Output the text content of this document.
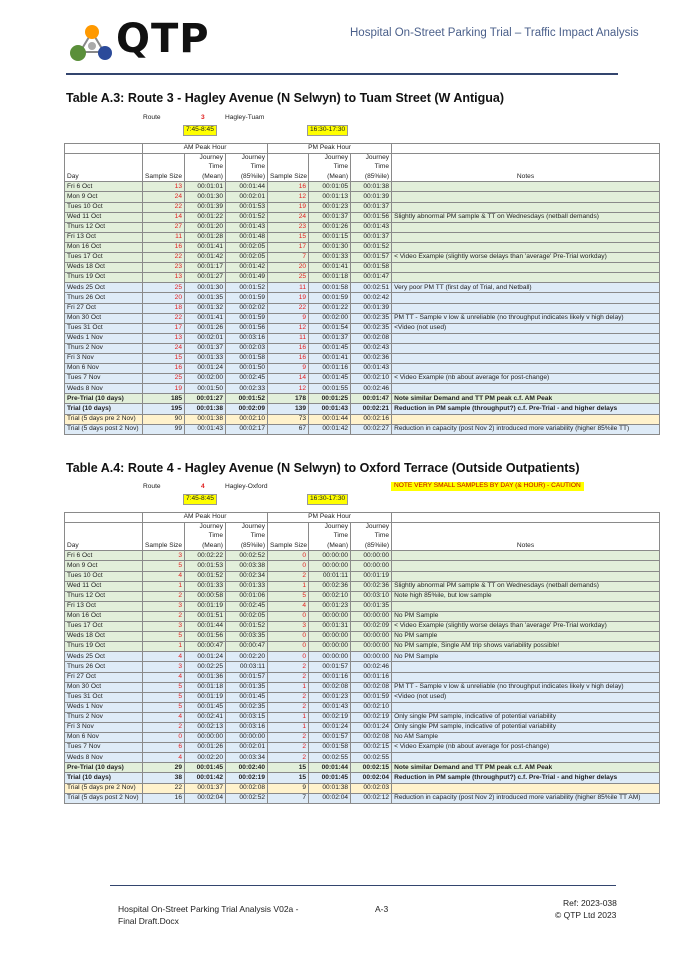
QTP	Hospital On-Street Parking Trial – Traffic Impact Analysis
Table A.3: Route 3 - Hagley Avenue (N Selwyn) to Tuam Street (W Antigua)
Route	3	Hagley-Tuam
7:45-8:45	16:30-17:30
	AM Peak Hour			PM Peak Hour			
		Journey	Journey		Journey	Journey	
		Time	Time		Time	Time	
Day	Sample Size	(Mean)	(85%ile)	Sample Size	(Mean)	(85%ile)	Notes
Fri 6 Oct	13	00:01:01	00:01:44	16	00:01:05	00:01:38	
Mon 9 Oct	24	00:01:30	00:02:01	12	00:01:13	00:01:39	
Tues 10 Oct	22	00:01:39	00:01:53	19	00:01:23	00:01:37	
Wed 11 Oct	14	00:01:22	00:01:52	24	00:01:37	00:01:56	Slightly abnormal PM sample & TT on Wednesdays (netball demands)
Thurs 12 Oct	27	00:01:20	00:01:43	23	00:01:26	00:01:43	
Fri 13 Oct	11	00:01:28	00:01:48	15	00:01:15	00:01:37	
Mon 16 Oct	16	00:01:41	00:02:05	17	00:01:30	00:01:52	
Tues 17 Oct	22	00:01:42	00:02:05	7	00:01:33	00:01:57	< Video Example (slightly worse delays than 'average' Pre-Trial workday)
Weds 18 Oct	23	00:01:17	00:01:42	20	00:01:41	00:01:58	
Thurs 19 Oct	13	00:01:27	00:01:49	25	00:01:18	00:01:47	
Weds 25 Oct	25	00:01:30	00:01:52	11	00:01:58	00:02:51	Very poor PM TT (first day of Trial, and Netball)
Thurs 26 Oct	20	00:01:35	00:01:59	19	00:01:59	00:02:42	
Fri 27 Oct	18	00:01:32	00:02:02	22	00:01:22	00:01:39	
Mon 30 Oct	22	00:01:41	00:01:59	9	00:02:00	00:02:35	PM TT - Sample v low & unreliable (no throughput indicates likely v high delay)
Tues 31 Oct	17	00:01:26	00:01:56	12	00:01:54	00:02:35	<Video (not used)
Weds 1 Nov	13	00:02:01	00:03:16	11	00:01:37	00:02:08	
Thurs 2 Nov	24	00:01:37	00:02:03	16	00:01:45	00:02:43	
Fri 3 Nov	15	00:01:33	00:01:58	16	00:01:41	00:02:36	
Mon 6 Nov	16	00:01:24	00:01:50	9	00:01:16	00:01:43	
Tues 7 Nov	25	00:02:00	00:02:45	14	00:01:45	00:02:10	< Video Example (nb about average for post-change)
Weds 8 Nov	19	00:01:50	00:02:33	12	00:01:55	00:02:46	
Pre-Trial (10 days)	185	00:01:27	00:01:52	178	00:01:25	00:01:47	Note similar Demand and TT PM peak c.f. AM Peak
Trial (10 days)	195	00:01:38	00:02:09	139	00:01:43	00:02:21	Reduction in PM sample (throughput?) c.f. Pre-Trial - and higher delays
Trial (5 days pre 2 Nov)	90	00:01:38	00:02:10	73	00:01:44	00:02:16	
Trial (5 days post 2 Nov)	99	00:01:43	00:02:17	67	00:01:42	00:02:27	Reduction in capacity (post Nov 2) introduced more variability (higher 85%ile TT)
Table A.4: Route 4 - Hagley Avenue (N Selwyn) to Oxford Terrace (Outside Outpatients)
Route	4	Hagley-Oxford
7:45-8:45	16:30-17:30
NOTE VERY SMALL SAMPLES BY DAY (& HOUR) - CAUTION
	AM Peak Hour			PM Peak Hour			
		Journey	Journey		Journey	Journey	
		Time	Time		Time	Time	
Day	Sample Size	(Mean)	(85%ile)	Sample Size	(Mean)	(85%ile)	Notes
Fri 6 Oct	3	00:02:22	00:02:52	0	00:00:00	00:00:00	
Mon 9 Oct	5	00:01:53	00:03:38	0	00:00:00	00:00:00	
Tues 10 Oct	4	00:01:52	00:02:34	2	00:01:11	00:01:19	
Wed 11 Oct	1	00:01:33	00:01:33	1	00:02:36	00:02:36	Slightly abnormal PM sample & TT on Wednesdays (netball demands)
Thurs 12 Oct	2	00:00:58	00:01:06	5	00:02:10	00:03:10	Note high 85%ile, but low sample
Fri 13 Oct	3	00:01:19	00:02:45	4	00:01:23	00:01:35	
Mon 16 Oct	2	00:01:51	00:02:05	0	00:00:00	00:00:00	No PM Sample
Tues 17 Oct	3	00:01:44	00:01:52	3	00:01:31	00:02:09	< Video Example (slightly worse delays than 'average' Pre-Trial workday)
Weds 18 Oct	5	00:01:56	00:03:35	0	00:00:00	00:00:00	No PM sample
Thurs 19 Oct	1	00:00:47	00:00:47	0	00:00:00	00:00:00	No PM sample, Single AM trip shows variability possible!
Weds 25 Oct	4	00:01:24	00:02:20	0	00:00:00	00:00:00	No PM Sample
Thurs 26 Oct	3	00:02:25	00:03:11	2	00:01:57	00:02:46	
Fri 27 Oct	4	00:01:36	00:01:57	2	00:01:16	00:01:16	
Mon 30 Oct	5	00:01:18	00:01:35	1	00:02:08	00:02:08	PM TT - Sample v low & unreliable (no throughput indicates likely v high delay)
Tues 31 Oct	5	00:01:19	00:01:45	2	00:01:23	00:01:59	<Video (not used)
Weds 1 Nov	5	00:01:45	00:02:35	2	00:01:43	00:02:10	
Thurs 2 Nov	4	00:02:41	00:03:15	1	00:02:19	00:02:19	Only single PM sample, indicative of potential variability
Fri 3 Nov	2	00:02:13	00:03:16	1	00:01:24	00:01:24	Only single PM sample, indicative of potential variability
Mon 6 Nov	0	00:00:00	00:00:00	2	00:01:57	00:02:08	No AM Sample
Tues 7 Nov	6	00:01:26	00:02:01	2	00:01:58	00:02:15	< Video Example (nb about average for post-change)
Weds 8 Nov	4	00:02:20	00:03:34	2	00:02:55	00:02:55	
Pre-Trial (10 days)	29	00:01:45	00:02:40	15	00:01:44	00:02:15	Note similar Demand and TT PM peak c.f. AM Peak
Trial (10 days)	38	00:01:42	00:02:19	15	00:01:45	00:02:04	Reduction in PM sample (throughput?) c.f. Pre-Trial - and higher delays
Trial (5 days pre 2 Nov)	22	00:01:37	00:02:08	9	00:01:38	00:02:03	
Trial (5 days post 2 Nov)	16	00:02:04	00:02:52	7	00:02:04	00:02:12	Reduction in capacity (post Nov 2) introduced more variability (higher 85%ile TT AM)
Hospital On-Street Parking Trial Analysis V02a -
Final Draft.Docx
A-3
Ref: 2023-038
© QTP Ltd 2023
